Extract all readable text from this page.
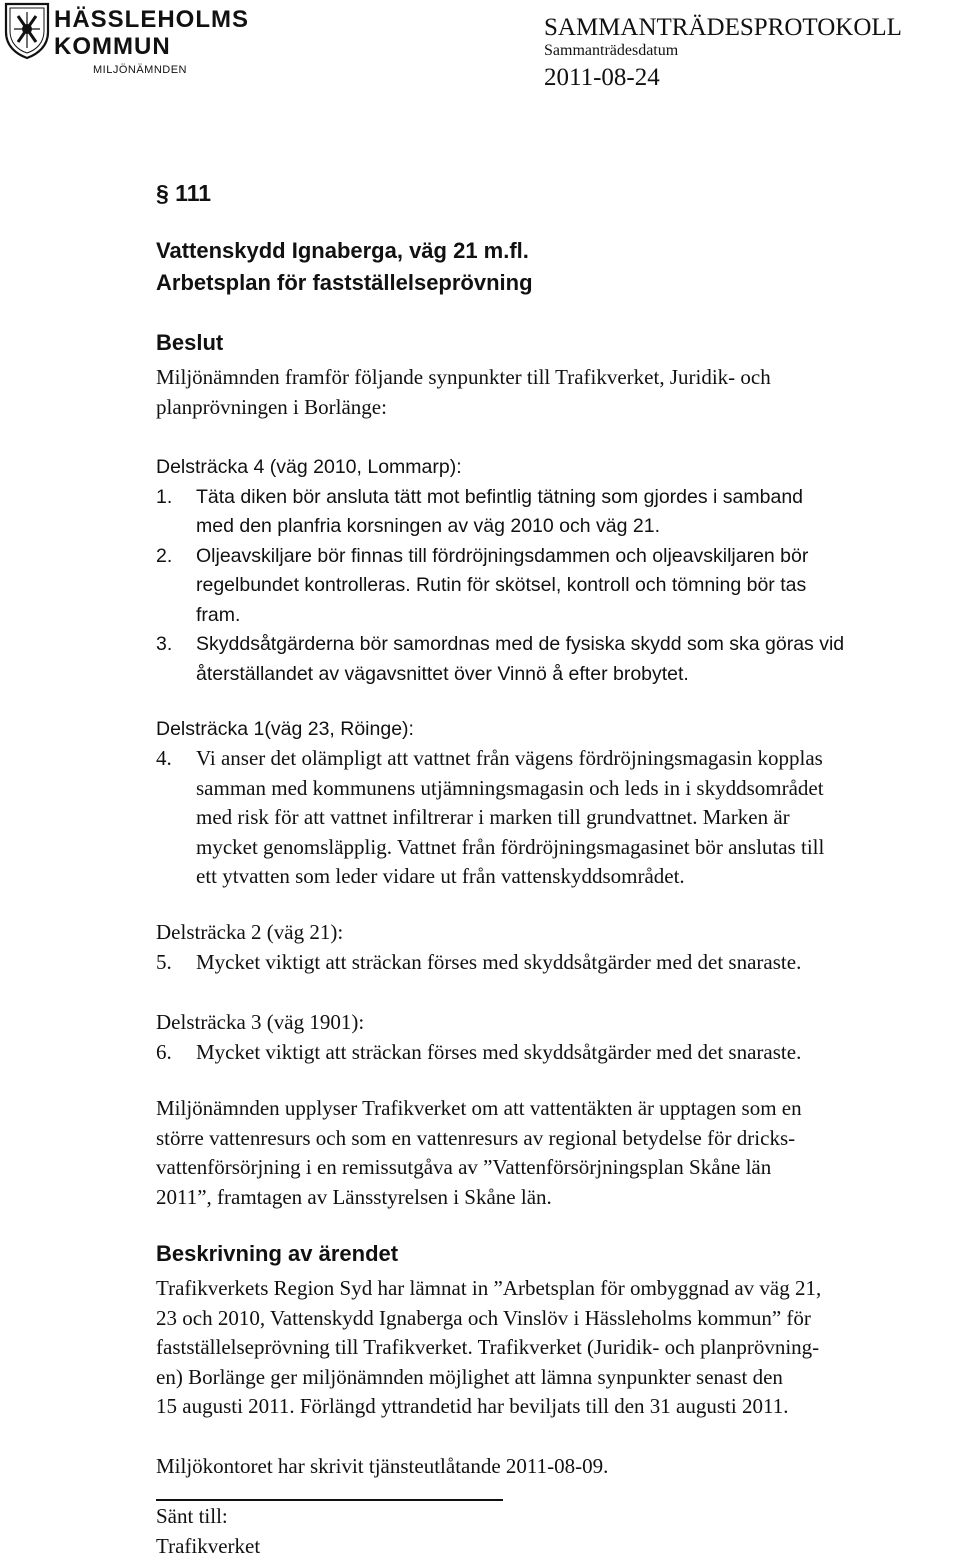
HÄSSLEHOLMS
KOMMUN
MILJÖNÄMNDEN
SAMMANTRÄDESPROTOKOLL
Sammanträdesdatum
2011-08-24
§ 111
Vattenskydd Ignaberga, väg 21 m.fl.
Arbetsplan för fastställelseprövning
Beslut
Miljönämnden framför följande synpunkter till Trafikverket, Juridik- och
planprövningen i Borlänge:
Delsträcka 4 (väg 2010, Lommarp):
1. Täta diken bör ansluta tätt mot befintlig tätning som gjordes i samband
med den planfria korsningen av väg 2010 och väg 21.
2. Oljeavskiljare bör finnas till fördröjningsdammen och oljeavskiljaren bör
regelbundet kontrolleras. Rutin för skötsel, kontroll och tömning bör tas
fram.
3. Skyddsåtgärderna bör samordnas med de fysiska skydd som ska göras vid
återställandet av vägavsnittet över Vinnö å efter brobytet.
Delsträcka 1(väg 23, Röinge):
4. Vi anser det olämpligt att vattnet från vägens fördröjningsmagasin kopplas
samman med kommunens utjämningsmagasin och leds in i skyddsområdet
med risk för att vattnet infiltrerar i marken till grundvattnet. Marken är
mycket genomsläpplig. Vattnet från fördröjningsmagasinet bör anslutas till
ett ytvatten som leder vidare ut från vattenskyddsområdet.
Delsträcka 2 (väg 21):
5. Mycket viktigt att sträckan förses med skyddsåtgärder med det snaraste.
Delsträcka 3 (väg 1901):
6. Mycket viktigt att sträckan förses med skyddsåtgärder med det snaraste.
Miljönämnden upplyser Trafikverket om att vattentäkten är upptagen som en
större vattenresurs och som en vattenresurs av regional betydelse för dricks-
vattenförsörjning i en remissutgåva av ”Vattenförsörjningsplan Skåne län
2011”, framtagen av Länsstyrelsen i Skåne län.
Beskrivning av ärendet
Trafikverkets Region Syd har lämnat in ”Arbetsplan för ombyggnad av väg 21,
23 och 2010, Vattenskydd Ignaberga och Vinslöv i Hässleholms kommun” för
fastställelseprövning till Trafikverket. Trafikverket (Juridik- och planprövning-
en) Borlänge ger miljönämnden möjlighet att lämna synpunkter senast den
15 augusti 2011. Förlängd yttrandetid har beviljats till den 31 augusti 2011.
Miljökontoret har skrivit tjänsteutlåtande 2011-08-09.
Sänt till:
Trafikverket
